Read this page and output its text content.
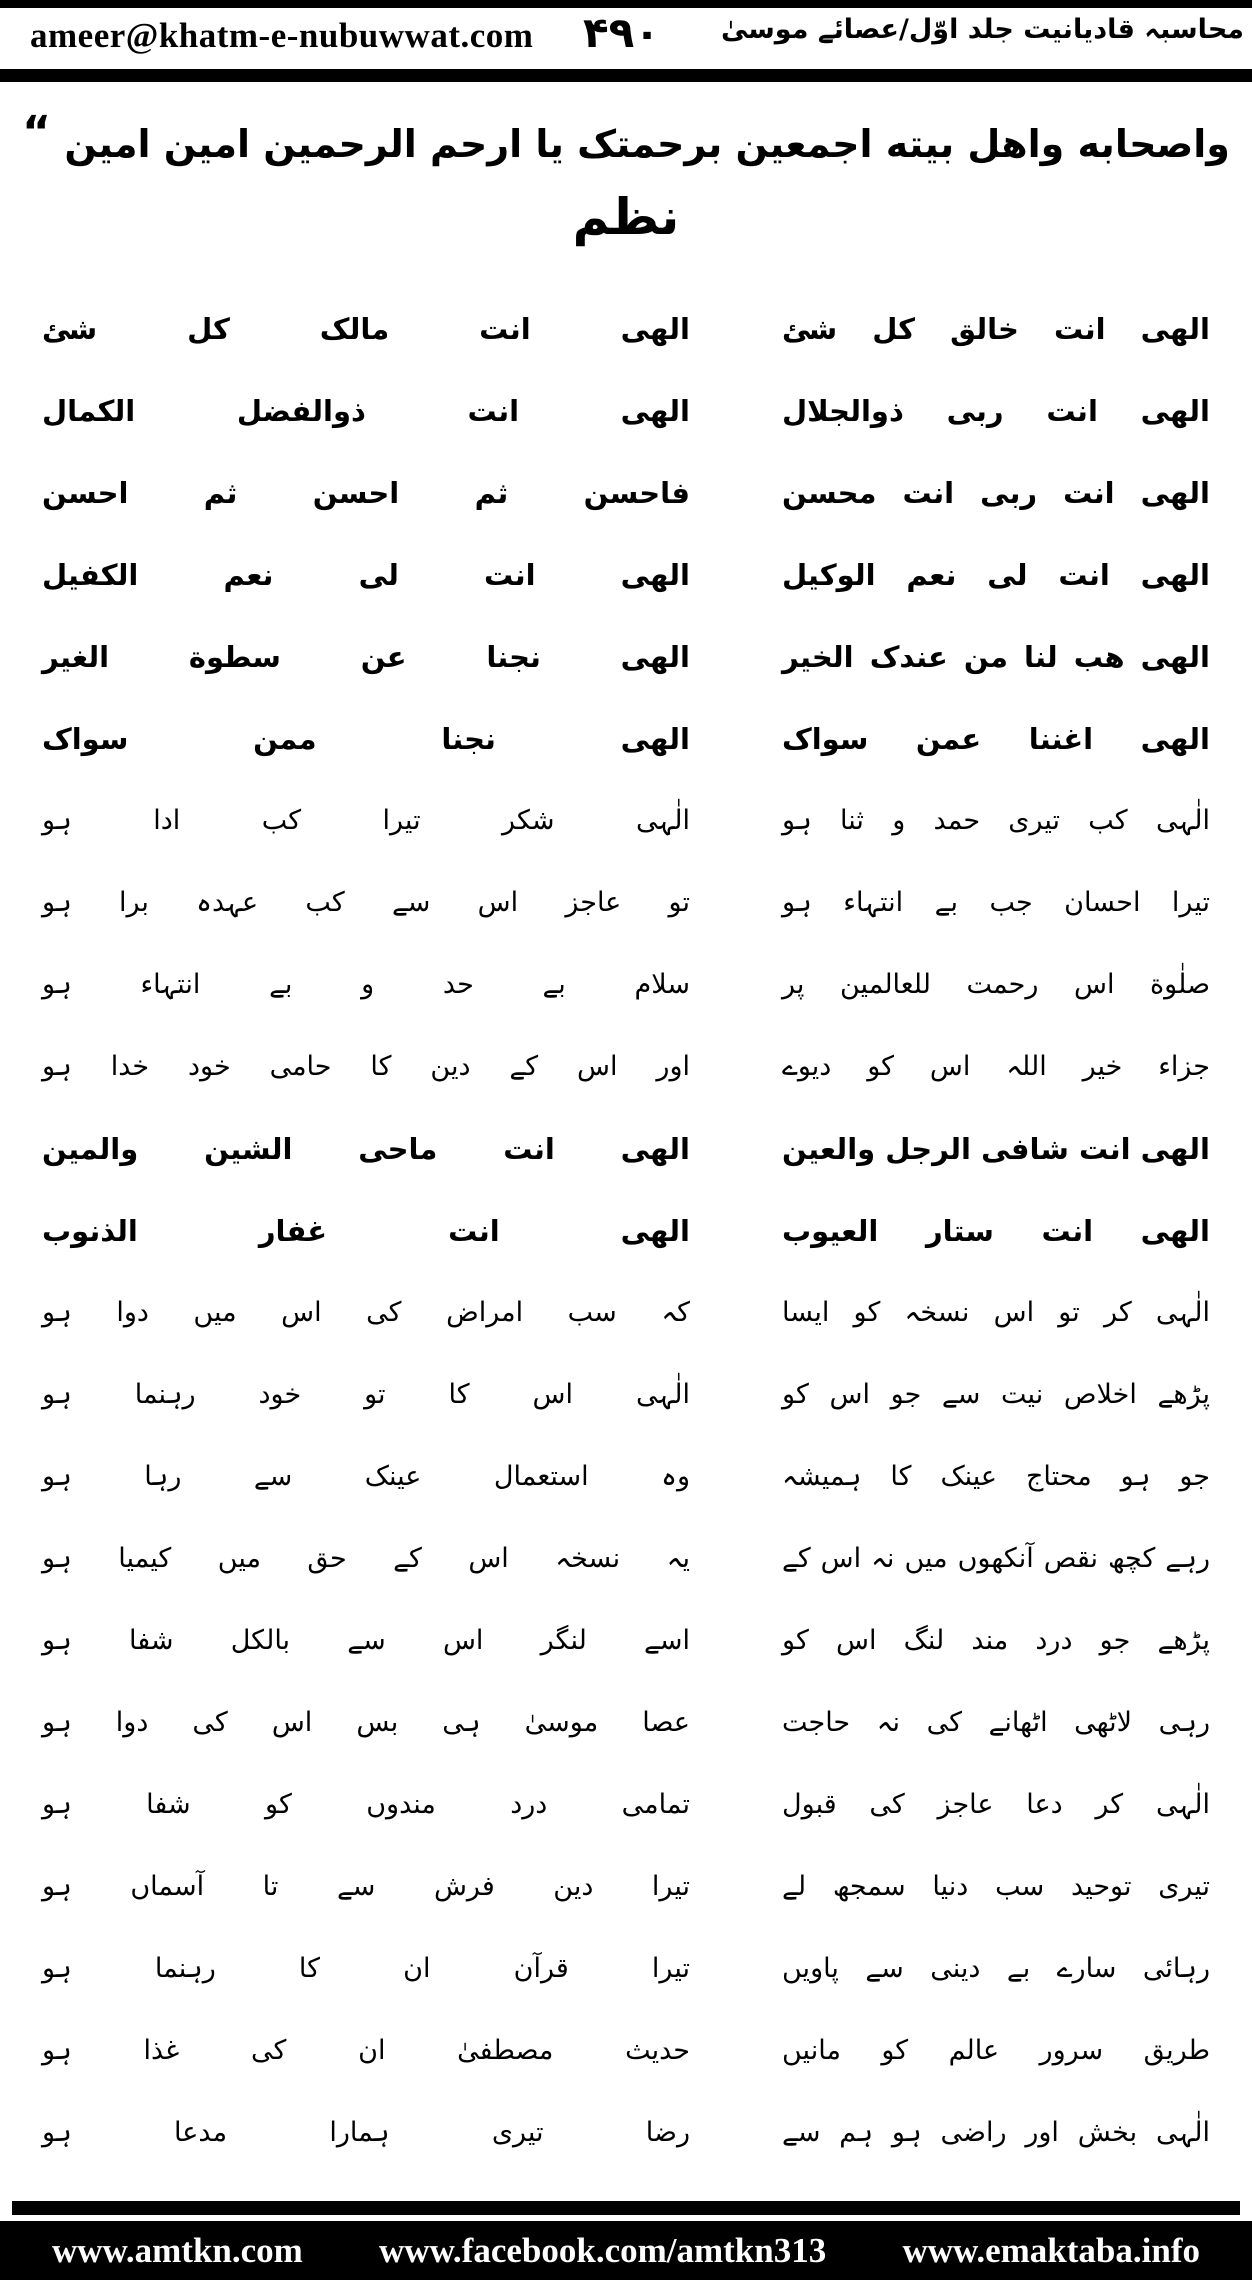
ameer@khatm-e-nubuwwat.com ۴۹۰ محاسبہ قادیانیت جلد اوّل/عصائے موسیٰ
واصحابه واهل بيته اجمعين برحمتک یا ارحم الرحمين امين امين “
نظم
الهی انت خالق کل شئ
الهی انت مالک کل شئ
الهی انت ربی ذوالجلال
الهی انت ذوالفضل الکمال
الهی انت ربی انت محسن
فاحسن ثم احسن ثم احسن
الهی انت لی نعم الوکیل
الهی انت لی نعم الکفیل
الهی هب لنا من عندک الخیر
الهی نجنا عن سطوة الغیر
الهی اغننا عمن سواک
الهی نجنا ممن سواک
الٰہی کب تیری حمد و ثنا ہو
الٰہی شکر تیرا کب ادا ہو
تیرا احسان جب بے انتہاء ہو
تو عاجز اس سے کب عہدہ برا ہو
صلٰوة اس رحمت للعالمین پر
سلام بے حد و بے انتہاء ہو
جزاء خیر اللہ اس کو دیوے
اور اس کے دین کا حامی خود خدا ہو
الهی انت شافی الرجل والعین
الهی انت ماحی الشین والمین
الهی انت ستار العیوب
الهی انت غفار الذنوب
الٰہی کر تو اس نسخہ کو ایسا
کہ سب امراض کی اس میں دوا ہو
پڑھے اخلاص نیت سے جو اس کو
الٰہی اس کا تو خود رہنما ہو
جو ہو محتاج عینک کا ہمیشہ
وہ استعمال عینک سے رہا ہو
رہے کچھ نقص آنکھوں میں نہ اس کے
یہ نسخہ اس کے حق میں کیمیا ہو
پڑھے جو درد مند لنگ اس کو
اسے لنگر اس سے بالکل شفا ہو
رہی لاٹھی اٹھانے کی نہ حاجت
عصا موسیٰ ہی بس اس کی دوا ہو
الٰہی کر دعا عاجز کی قبول
تمامی درد مندوں کو شفا ہو
تیری توحید سب دنیا سمجھ لے
تیرا دین فرش سے تا آسماں ہو
رہائی سارے بے دینی سے پاویں
تیرا قرآن ان کا رہنما ہو
طریق سرور عالم کو مانیں
حدیث مصطفیٰ ان کی غذا ہو
الٰہی بخش اور راضی ہو ہم سے
رضا تیری ہمارا مدعا ہو
www.amtkn.com www.facebook.com/amtkn313 www.emaktaba.info
